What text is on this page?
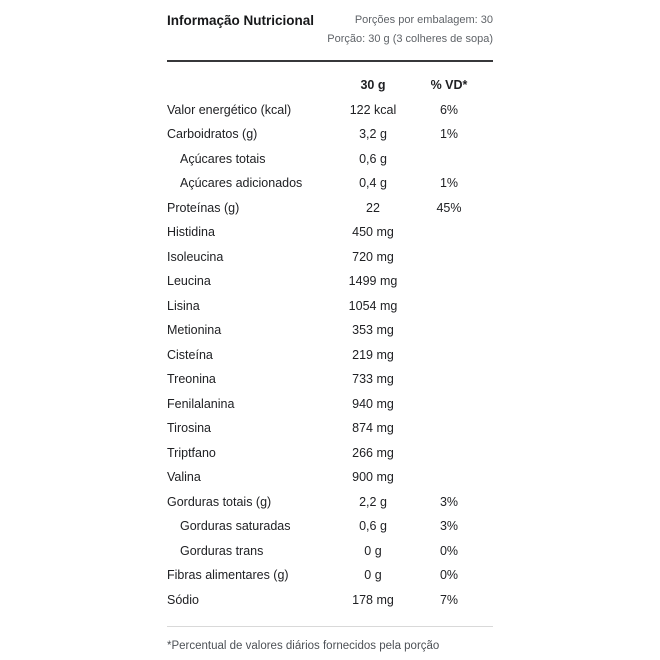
Informação Nutricional	Porções por embalagem: 30
Porção: 30 g (3 colheres de sopa)
30 g	% VD*
Valor energético (kcal)	122 kcal	6%
Carboidratos (g)	3,2 g	1%
Açúcares totais	0,6 g
Açúcares adicionados	0,4 g	1%
Proteínas (g)	22	45%
Histidina	450 mg
Isoleucina	720 mg
Leucina	1499 mg
Lisina	1054 mg
Metionina	353 mg
Cisteína	219 mg
Treonina	733 mg
Fenilalanina	940 mg
Tirosina	874 mg
Triptfano	266 mg
Valina	900 mg
Gorduras totais (g)	2,2 g	3%
Gorduras saturadas	0,6 g	3%
Gorduras trans	0 g	0%
Fibras alimentares (g)	0 g	0%
Sódio	178 mg	7%
*Percentual de valores diários fornecidos pela porção
